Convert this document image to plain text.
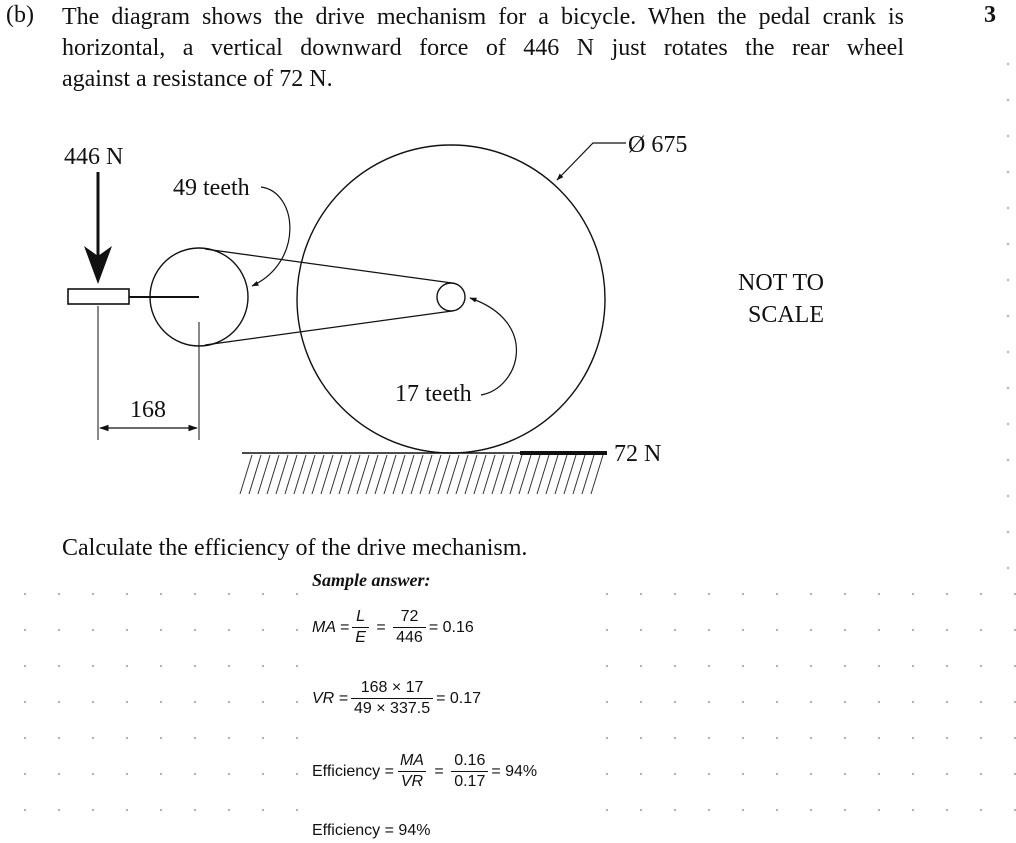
(b)	3
The diagram shows the drive mechanism for a bicycle. When the pedal crank is
horizontal, a vertical downward force of 446 N just rotates the rear wheel
against a resistance of 72 N.
446 N
49 teeth
168
17 teeth
Ø 675
72 N
NOT TO
SCALE
Calculate the efficiency of the drive mechanism.
Sample answer:
MA = $\frac{L}{E} = \frac{72}{446} = 0.16$
VR = $\frac{168 \times 17}{49 \times 337.5} = 0.17$
Efficiency = $\frac{MA}{VR} = \frac{0.16}{0.17} = 94\%$
Efficiency = 94%
